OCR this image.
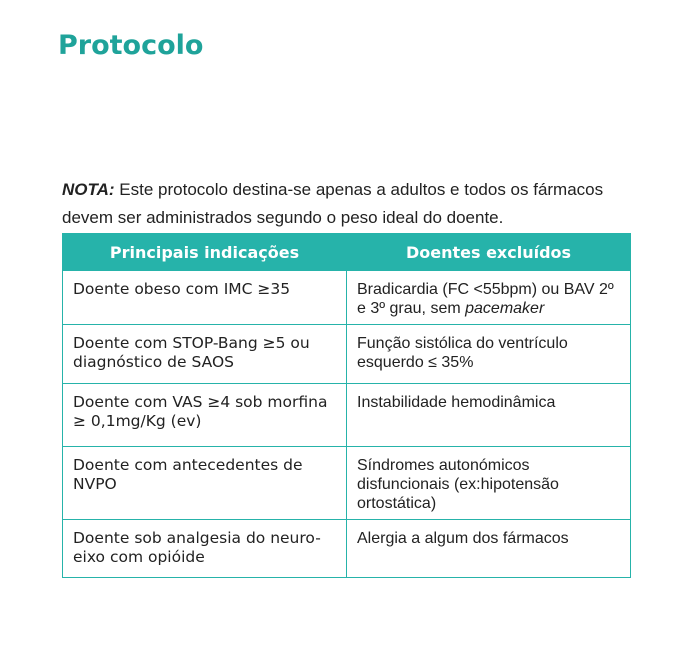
Protocolo

NOTA: Este protocolo destina-se apenas a adultos e todos os fármacos devem ser administrados segundo o peso ideal do doente.

Principais indicações	Doentes excluídos
Doente obeso com IMC ≥35	Bradicardia (FC <55bpm) ou BAV 2º e 3º grau, sem pacemaker
Doente com STOP-Bang ≥5 ou diagnóstico de SAOS	Função sistólica do ventrículo esquerdo ≤ 35%
Doente com VAS ≥4 sob morfina ≥ 0,1mg/Kg (ev)	Instabilidade hemodinâmica
Doente com antecedentes de NVPO	Síndromes autonómicos disfuncionais (ex:hipotensão ortostática)
Doente sob analgesia do neuro-eixo com opióide	Alergia a algum dos fármacos
